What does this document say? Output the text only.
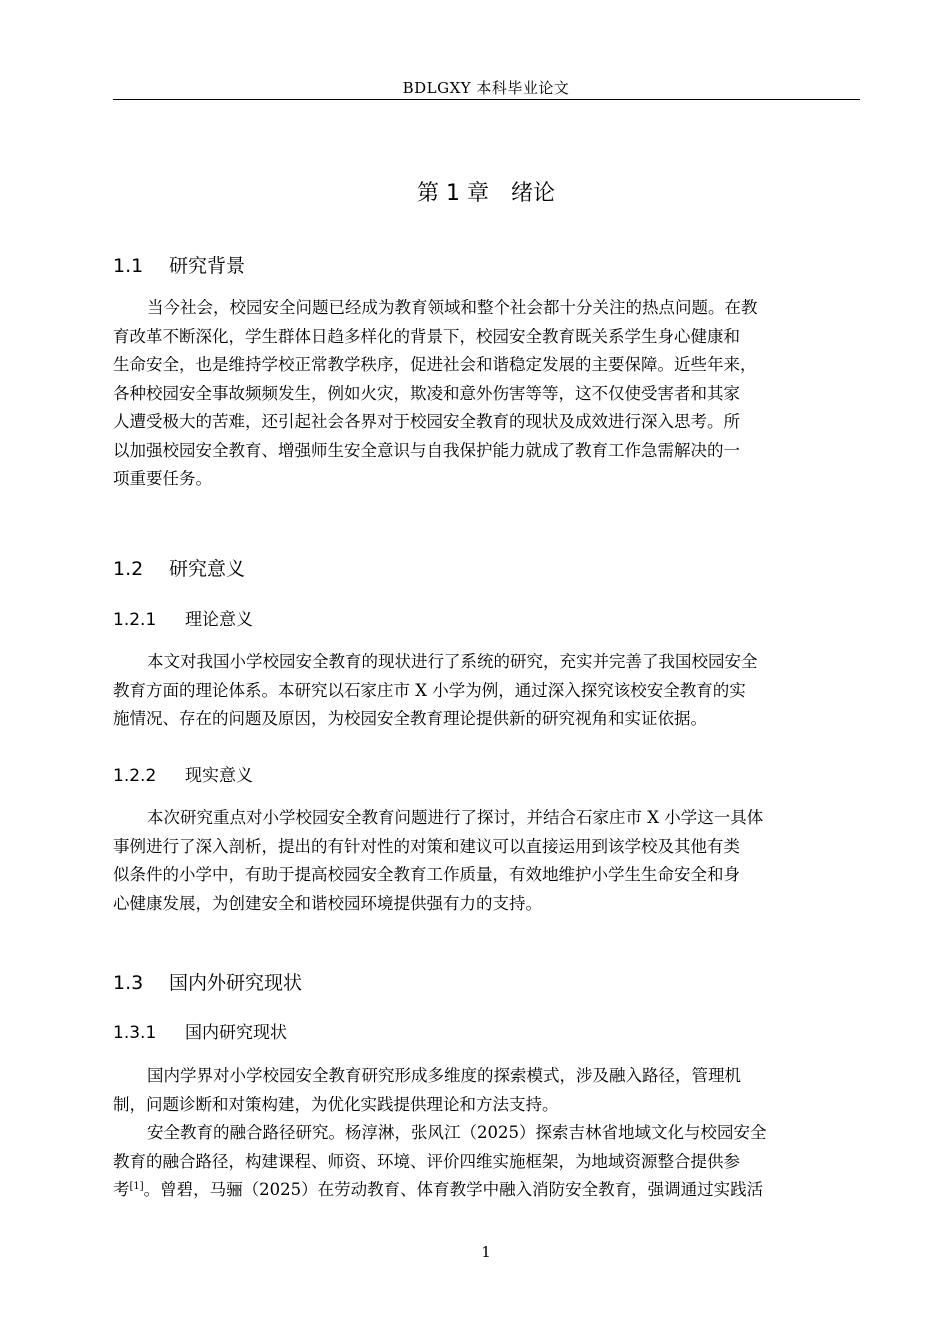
BDLGXY 本科毕业论文
第 1 章 绪论
1.1 研究背景
当今社会，校园安全问题已经成为教育领域和整个社会都十分关注的热点问题。在教
育改革不断深化，学生群体日趋多样化的背景下，校园安全教育既关系学生身心健康和
生命安全，也是维持学校正常教学秩序，促进社会和谐稳定发展的主要保障。近些年来，
各种校园安全事故频频发生，例如火灾，欺凌和意外伤害等等，这不仅使受害者和其家
人遭受极大的苦难，还引起社会各界对于校园安全教育的现状及成效进行深入思考。所
以加强校园安全教育、增强师生安全意识与自我保护能力就成了教育工作急需解决的一
项重要任务。
1.2 研究意义
1.2.1 理论意义
本文对我国小学校园安全教育的现状进行了系统的研究，充实并完善了我国校园安全
教育方面的理论体系。本研究以石家庄市 X 小学为例，通过深入探究该校安全教育的实
施情况、存在的问题及原因，为校园安全教育理论提供新的研究视角和实证依据。
1.2.2 现实意义
本次研究重点对小学校园安全教育问题进行了探讨，并结合石家庄市 X 小学这一具体
事例进行了深入剖析，提出的有针对性的对策和建议可以直接运用到该学校及其他有类
似条件的小学中，有助于提高校园安全教育工作质量，有效地维护小学生生命安全和身
心健康发展，为创建安全和谐校园环境提供强有力的支持。
1.3 国内外研究现状
1.3.1 国内研究现状
国内学界对小学校园安全教育研究形成多维度的探索模式，涉及融入路径，管理机
制，问题诊断和对策构建，为优化实践提供理论和方法支持。
安全教育的融合路径研究。杨淳淋，张风江（2025）探索吉林省地域文化与校园安全
教育的融合路径，构建课程、师资、环境、评价四维实施框架，为地域资源整合提供参
考[1]。曾碧，马骊（2025）在劳动教育、体育教学中融入消防安全教育，强调通过实践活
1
